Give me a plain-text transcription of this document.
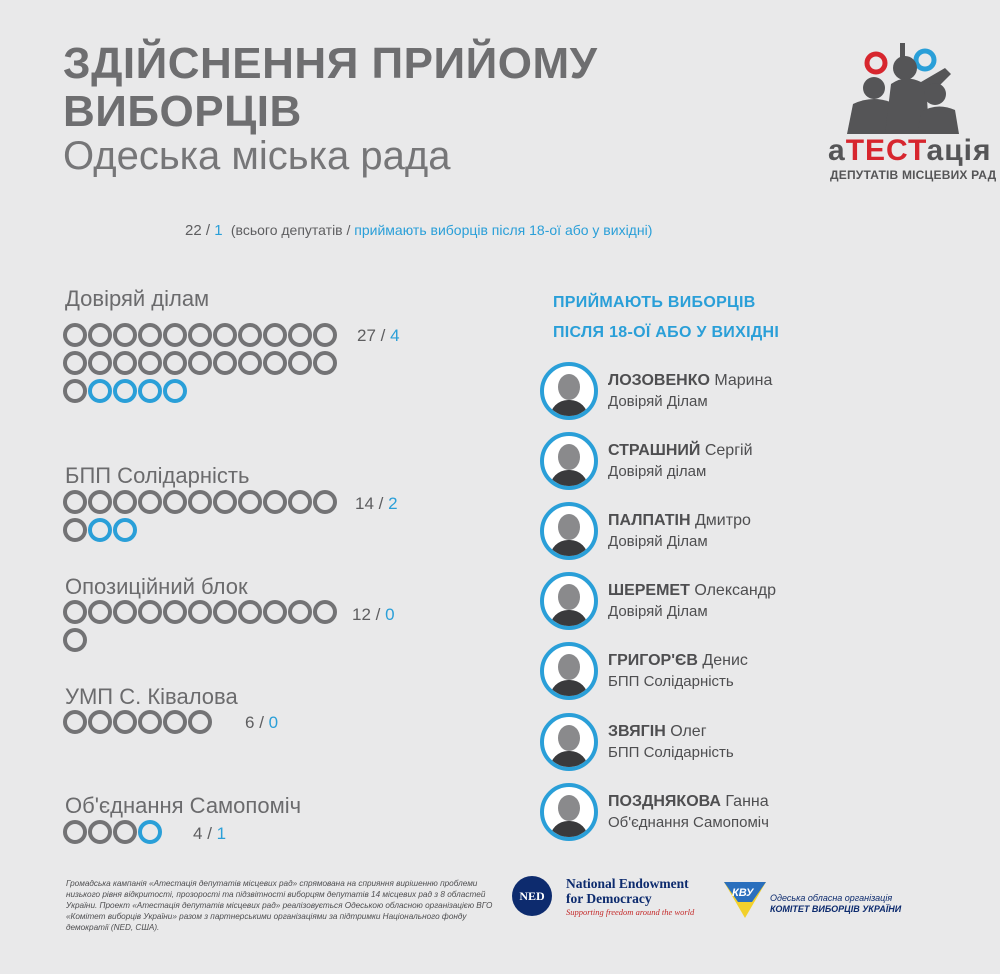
ЗДІЙСНЕННЯ ПРИЙОМУ
ВИБОРЦІВ
Одеська міська рада	аТЕСТація
ДЕПУТАТІВ МІСЦЕВИХ РАД
22 / 1 (всього депутатів / приймають виборців після 18-ої або у вихідні)
Довіряй ділам
27 / 4
БПП Солідарність
14 / 2
Опозиційний блок
12 / 0
УМП С. Ківалова
6 / 0
Об'єднання Самопоміч
4 / 1
ПРИЙМАЮТЬ ВИБОРЦІВ
ПІСЛЯ 18-ОЇ АБО У ВИХІДНІ
ЛОЗОВЕНКО Марина
Довіряй Ділам
СТРАШНИЙ Сергій
Довіряй ділам
ПАЛПАТІН Дмитро
Довіряй Ділам
ШЕРЕМЕТ Олександр
Довіряй Ділам
ГРИГОР'ЄВ Денис
БПП Солідарність
ЗВЯГІН Олег
БПП Солідарність
ПОЗДНЯКОВА Ганна
Об'єднання Самопоміч
Громадська кампанія «Атестація депутатів місцевих рад» спрямована на сприяння вирішенню проблеми низького рівня відкритості, прозорості та підзвітності виборцям депутатів 14 місцевих рад з 8 областей України. Проект «Атестація депутатів місцевих рад» реалізовується Одеською обласною організацією ВГО «Комітет виборців України» разом з партнерськими організаціями за підтримки Національного фонду демократії (NED, США).
NED
National Endowment
for Democracy
Supporting freedom around the world
КВУ Одеська обласна організація
КОМІТЕТ ВИБОРЦІВ УКРАЇНИ
